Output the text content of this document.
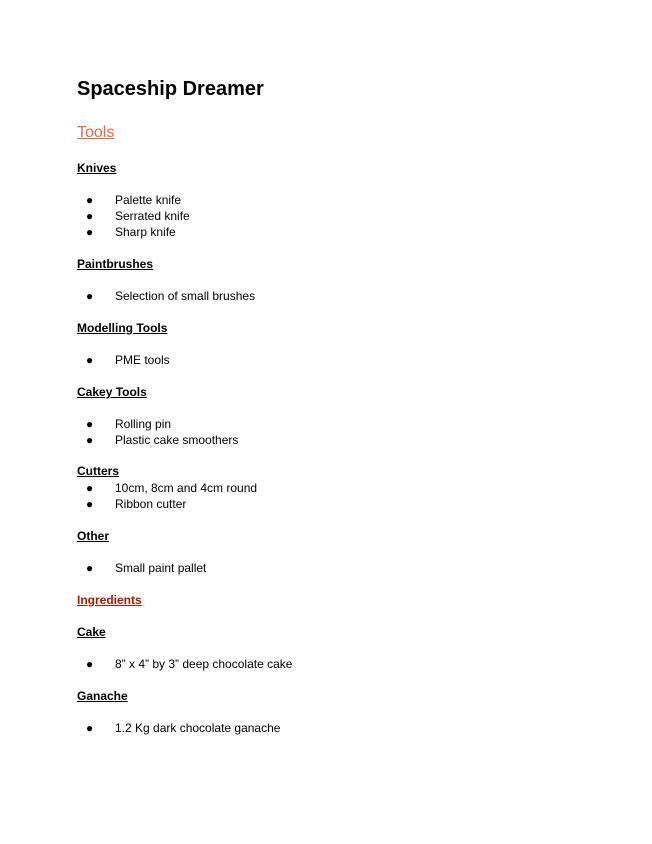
Spaceship Dreamer
Tools
Knives
● Palette knife
● Serrated knife
● Sharp knife
Paintbrushes
● Selection of small brushes
Modelling Tools
● PME tools
Cakey Tools
● Rolling pin
● Plastic cake smoothers
Cutters
● 10cm, 8cm and 4cm round
● Ribbon cutter
Other
● Small paint pallet
Ingredients
Cake
● 8” x 4” by 3” deep chocolate cake
Ganache
● 1.2 Kg dark chocolate ganache
